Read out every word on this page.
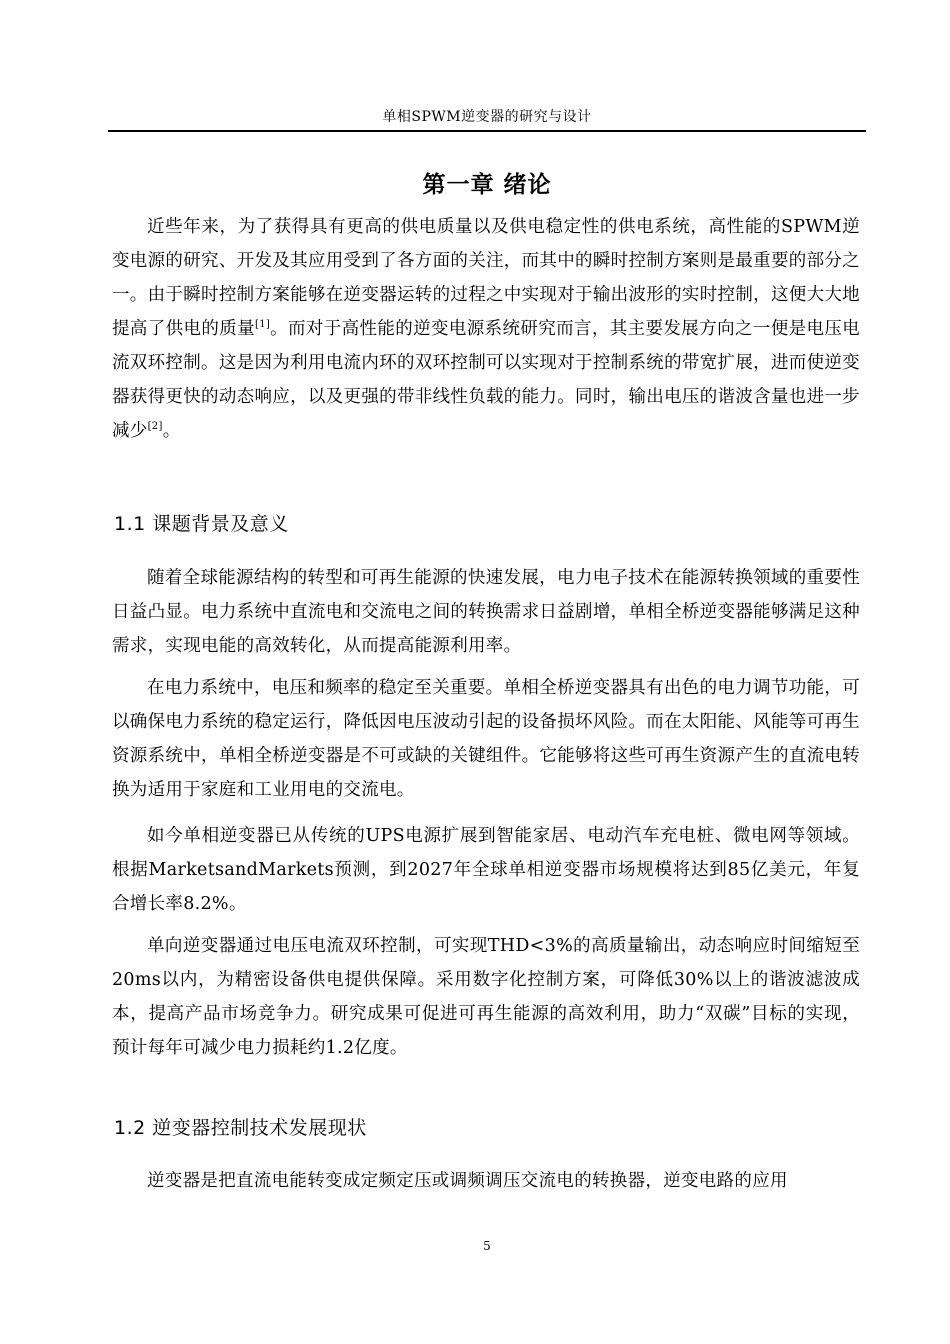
单相SPWM逆变器的研究与设计
第一章 绪论

近些年来，为了获得具有更高的供电质量以及供电稳定性的供电系统，高性能的SPWM逆变电源的研究、开发及其应用受到了各方面的关注，而其中的瞬时控制方案则是最重要的部分之一。由于瞬时控制方案能够在逆变器运转的过程之中实现对于输出波形的实时控制，这便大大地提高了供电的质量[1]。而对于高性能的逆变电源系统研究而言，其主要发展方向之一便是电压电流双环控制。这是因为利用电流内环的双环控制可以实现对于控制系统的带宽扩展，进而使逆变器获得更快的动态响应，以及更强的带非线性负载的能力。同时，输出电压的谐波含量也进一步减少[2]。

1.1 课题背景及意义

随着全球能源结构的转型和可再生能源的快速发展，电力电子技术在能源转换领域的重要性日益凸显。电力系统中直流电和交流电之间的转换需求日益剧增，单相全桥逆变器能够满足这种需求，实现电能的高效转化，从而提高能源利用率。

在电力系统中，电压和频率的稳定至关重要。单相全桥逆变器具有出色的电力调节功能，可以确保电力系统的稳定运行，降低因电压波动引起的设备损坏风险。而在太阳能、风能等可再生资源系统中，单相全桥逆变器是不可或缺的关键组件。它能够将这些可再生资源产生的直流电转换为适用于家庭和工业用电的交流电。

如今单相逆变器已从传统的UPS电源扩展到智能家居、电动汽车充电桩、微电网等领域。根据MarketsandMarkets预测，到2027年全球单相逆变器市场规模将达到85亿美元，年复合增长率8.2%。

单向逆变器通过电压电流双环控制，可实现THD<3%的高质量输出，动态响应时间缩短至20ms以内，为精密设备供电提供保障。采用数字化控制方案，可降低30%以上的谐波滤波成本，提高产品市场竞争力。研究成果可促进可再生能源的高效利用，助力“双碳”目标的实现，预计每年可减少电力损耗约1.2亿度。

1.2 逆变器控制技术发展现状

逆变器是把直流电能转变成定频定压或调频调压交流电的转换器，逆变电路的应用

5
